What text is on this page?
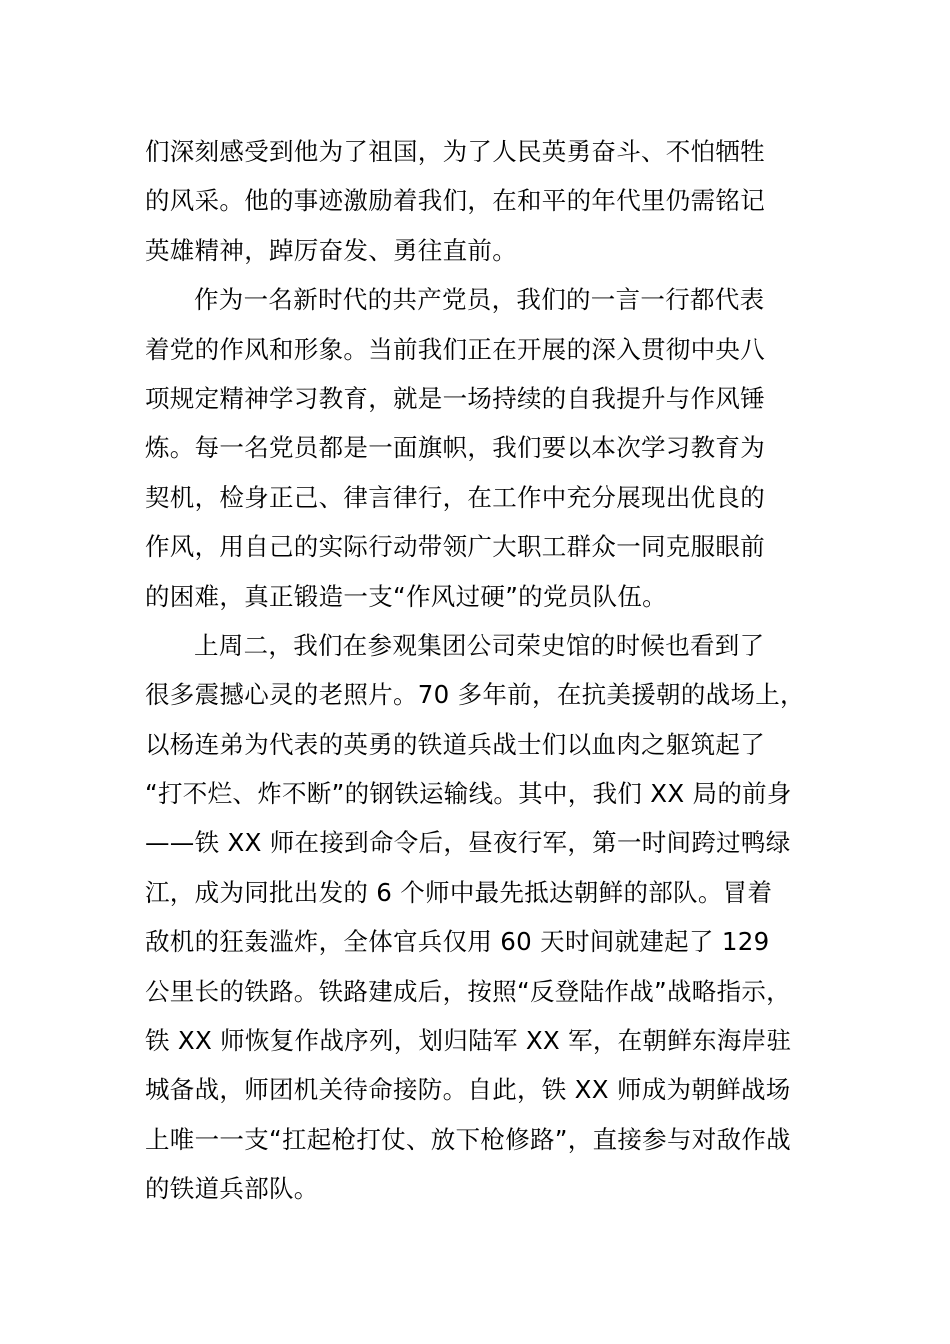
们深刻感受到他为了祖国，为了人民英勇奋斗、不怕牺牲
的风采。他的事迹激励着我们，在和平的年代里仍需铭记
英雄精神，踔厉奋发、勇往直前。
作为一名新时代的共产党员，我们的一言一行都代表
着党的作风和形象。当前我们正在开展的深入贯彻中央八
项规定精神学习教育，就是一场持续的自我提升与作风锤
炼。每一名党员都是一面旗帜，我们要以本次学习教育为
契机，检身正己、律言律行，在工作中充分展现出优良的
作风，用自己的实际行动带领广大职工群众一同克服眼前
的困难，真正锻造一支“作风过硬”的党员队伍。
上周二，我们在参观集团公司荣史馆的时候也看到了
很多震撼心灵的老照片。70 多年前，在抗美援朝的战场上，
以杨连弟为代表的英勇的铁道兵战士们以血肉之躯筑起了
“打不烂、炸不断”的钢铁运输线。其中，我们 XX 局的前身
——铁 XX 师在接到命令后，昼夜行军，第一时间跨过鸭绿
江，成为同批出发的 6 个师中最先抵达朝鲜的部队。冒着
敌机的狂轰滥炸，全体官兵仅用 60 天时间就建起了 129
公里长的铁路。铁路建成后，按照“反登陆作战”战略指示，
铁 XX 师恢复作战序列，划归陆军 XX 军，在朝鲜东海岸驻
城备战，师团机关待命接防。自此，铁 XX 师成为朝鲜战场
上唯一一支“扛起枪打仗、放下枪修路”，直接参与对敌作战
的铁道兵部队。
